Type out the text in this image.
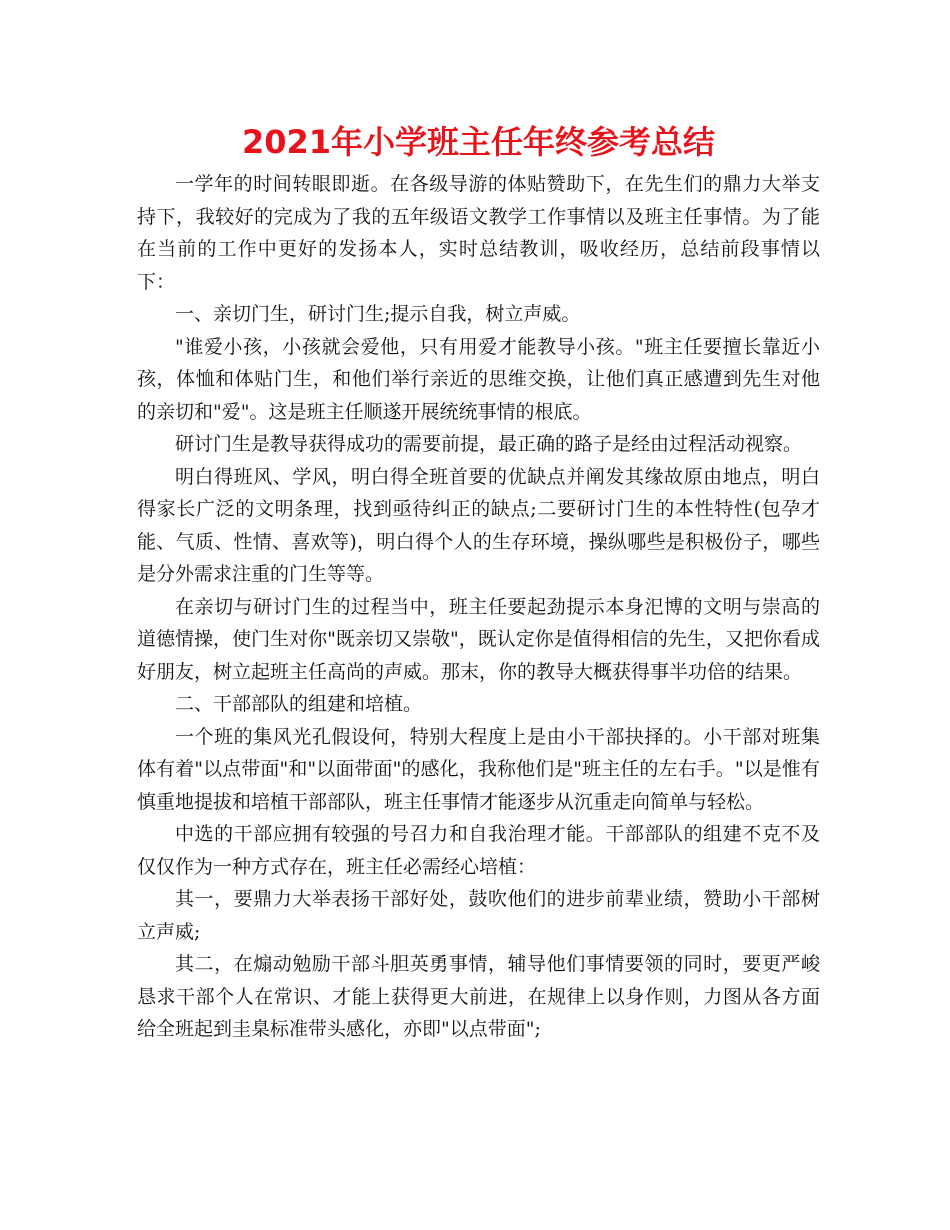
2021年小学班主任年终参考总结

一学年的时间转眼即逝。在各级导游的体贴赞助下，在先生们的鼎力大举支持下，我较好的完成为了我的五年级语文教学工作事情以及班主任事情。为了能在当前的工作中更好的发扬本人，实时总结教训，吸收经历，总结前段事情以下：

一、亲切门生，研讨门生;提示自我，树立声威。

"谁爱小孩，小孩就会爱他，只有用爱才能教导小孩。"班主任要擅长靠近小孩，体恤和体贴门生，和他们举行亲近的思维交换，让他们真正感遭到先生对他的亲切和"爱"。这是班主任顺遂开展统统事情的根底。

研讨门生是教导获得成功的需要前提，最正确的路子是经由过程活动视察。

明白得班风、学风，明白得全班首要的优缺点并阐发其缘故原由地点，明白得家长广泛的文明条理，找到亟待纠正的缺点;二要研讨门生的本性特性(包孕才能、气质、性情、喜欢等)，明白得个人的生存环境，操纵哪些是积极份子，哪些是分外需求注重的门生等等。

在亲切与研讨门生的过程当中，班主任要起劲提示本身汜博的文明与崇高的道德情操，使门生对你"既亲切又崇敬"，既认定你是值得相信的先生，又把你看成好朋友，树立起班主任高尚的声威。那末，你的教导大概获得事半功倍的结果。

二、干部部队的组建和培植。

一个班的集风光孔假设何，特别大程度上是由小干部抉择的。小干部对班集体有着"以点带面"和"以面带面"的感化，我称他们是"班主任的左右手。"以是惟有慎重地提拔和培植干部部队，班主任事情才能逐步从沉重走向简单与轻松。

中选的干部应拥有较强的号召力和自我治理才能。干部部队的组建不克不及仅仅作为一种方式存在，班主任必需经心培植：

其一，要鼎力大举表扬干部好处，鼓吹他们的进步前辈业绩，赞助小干部树立声威;

其二，在煽动勉励干部斗胆英勇事情，辅导他们事情要领的同时，要更严峻恳求干部个人在常识、才能上获得更大前进，在规律上以身作则，力图从各方面给全班起到圭臬标准带头感化，亦即"以点带面";
